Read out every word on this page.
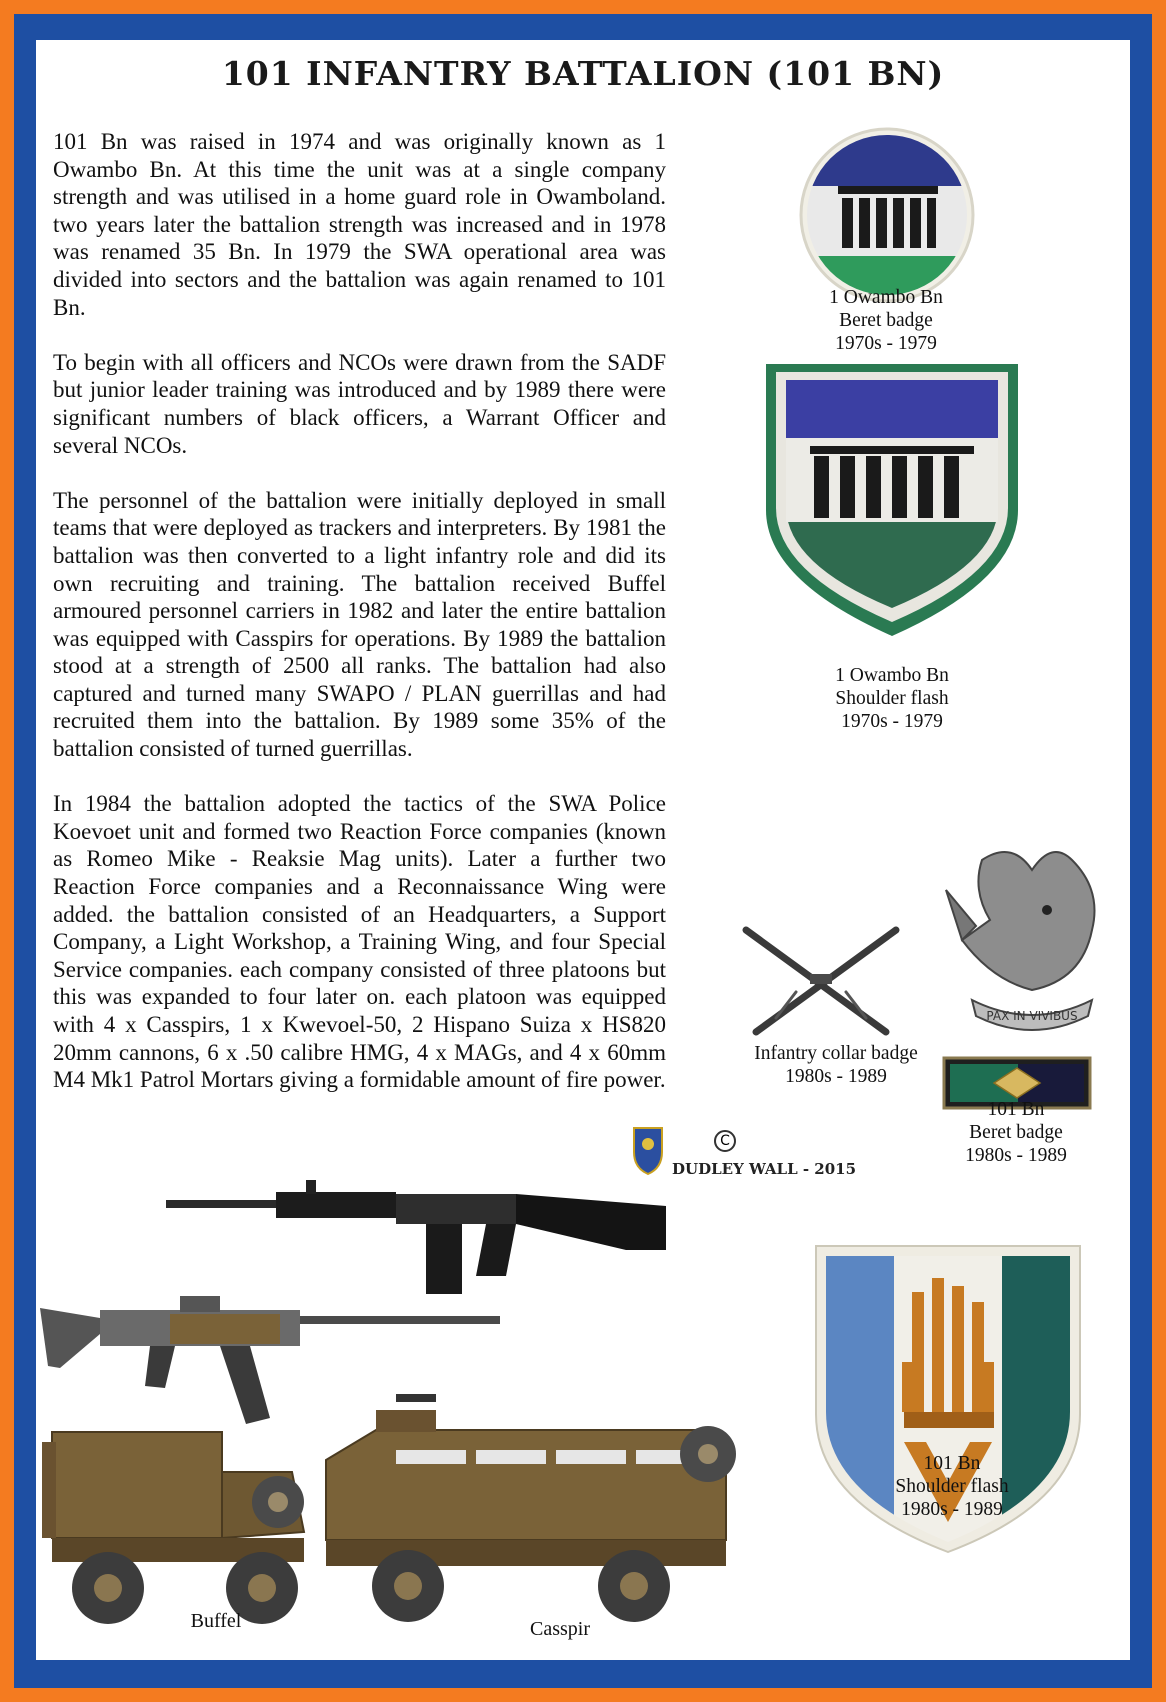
101 INFANTRY BATTALION (101 BN)

101 Bn was raised in 1974 and was originally known as 1 Owambo Bn. At this time the unit was at a single company strength and was utilised in a home guard role in Owamboland. two years later the battalion strength was increased and in 1978 was renamed 35 Bn. In 1979 the SWA operational area was divided into sectors and the battalion was again renamed to 101 Bn.

To begin with all officers and NCOs were drawn from the SADF but junior leader training was introduced and by 1989 there were significant numbers of black officers, a Warrant Officer and several NCOs.

The personnel of the battalion were initially deployed in small teams that were deployed as trackers and interpreters. By 1981 the battalion was then converted to a light infantry role and did its own recruiting and training. The battalion received Buffel armoured personnel carriers in 1982 and later the entire battalion was equipped with Casspirs for operations. By 1989 the battalion stood at a strength of 2500 all ranks. The battalion had also captured and turned many SWAPO / PLAN guerrillas and had recruited them into the battalion. By 1989 some 35% of the battalion consisted of turned guerrillas.

In 1984 the battalion adopted the tactics of the SWA Police Koevoet unit and formed two Reaction Force companies (known as Romeo Mike - Reaksie Mag units). Later a further two Reaction Force companies and a Reconnaissance Wing were added. the battalion consisted of an Headquarters, a Support Company, a Light Workshop, a Training Wing, and four Special Service companies. each company consisted of three platoons but this was expanded to four later on. each platoon was equipped with 4 x Casspirs, 1 x Kwevoel-50, 2 Hispano Suiza x HS820 20mm cannons, 6 x .50 calibre HMG, 4 x MAGs, and 4 x 60mm M4 Mk1 Patrol Mortars giving a formidable amount of fire power.

1 Owambo Bn
Beret badge
1970s - 1979
1 Owambo Bn
Shoulder flash
1970s - 1979
Infantry collar badge
1980s - 1989
PAX IN VIVIBUS
101 Bn
Beret badge
1980s - 1989
C
DUDLEY WALL - 2015
101 Bn
Shoulder flash
1980s - 1989
Buffel	Casspir
